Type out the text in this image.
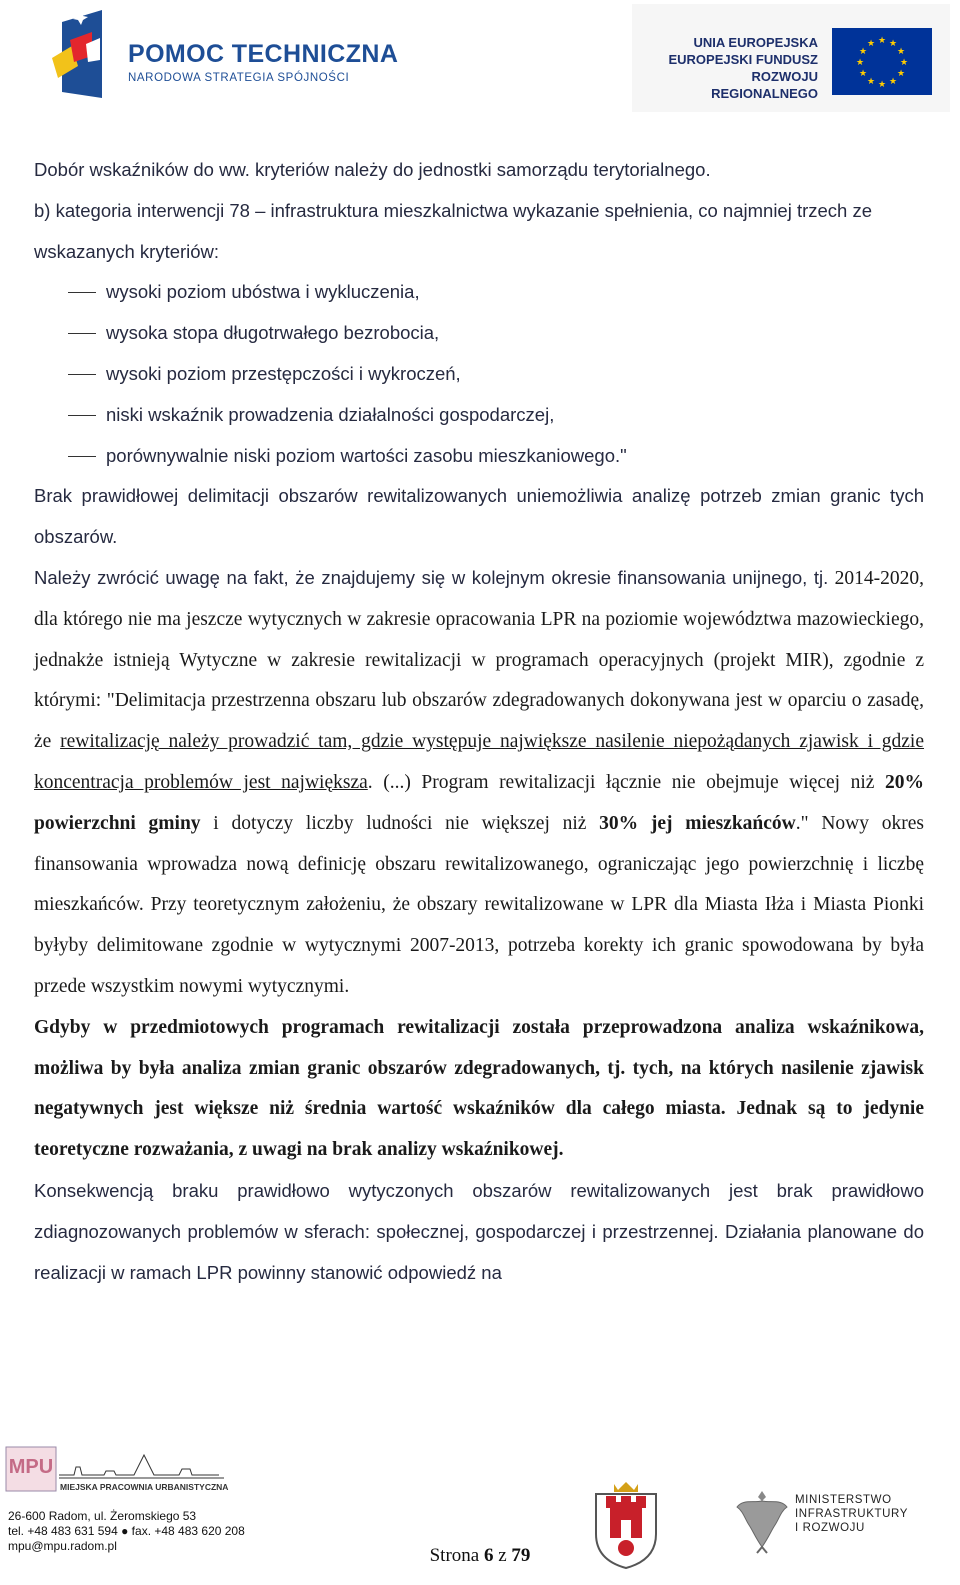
POMOC TECHNICZNA
NARODOWA STRATEGIA SPÓJNOŚCI
UNIA EUROPEJSKA
EUROPEJSKI FUNDUSZ
ROZWOJU REGIONALNEGO
★ ★
★
★
★
★
★
★
★
★
★
★

Dobór wskaźników do ww. kryteriów należy do jednostki samorządu terytorialnego.

b) kategoria interwencji 78 – infrastruktura mieszkalnictwa wykazanie spełnienia, co najmniej trzech ze wskazanych kryteriów:

wysoki poziom ubóstwa i wykluczenia,
wysoka stopa długotrwałego bezrobocia,
wysoki poziom przestępczości i wykroczeń,
niski wskaźnik prowadzenia działalności gospodarczej,
porównywalnie niski poziom wartości zasobu mieszkaniowego."

Brak prawidłowej delimitacji obszarów rewitalizowanych uniemożliwia analizę potrzeb zmian granic tych obszarów.

Należy zwrócić uwagę na fakt, że znajdujemy się w kolejnym okresie finansowania unijnego, tj. 2014-2020, dla którego nie ma jeszcze wytycznych w zakresie opracowania LPR na poziomie województwa mazowieckiego, jednakże istnieją Wytyczne w zakresie rewitalizacji w programach operacyjnych (projekt MIR), zgodnie z którymi: "Delimitacja przestrzenna obszaru lub obszarów zdegradowanych dokonywana jest w oparciu o zasadę, że rewitalizację należy prowadzić tam, gdzie występuje największe nasilenie niepożądanych zjawisk i gdzie koncentracja problemów jest największa. (...) Program rewitalizacji łącznie nie obejmuje więcej niż 20% powierzchni gminy i dotyczy liczby ludności nie większej niż 30% jej mieszkańców." Nowy okres finansowania wprowadza nową definicję obszaru rewitalizowanego, ograniczając jego powierzchnię i liczbę mieszkańców. Przy teoretycznym założeniu, że obszary rewitalizowane w LPR dla Miasta Iłża i Miasta Pionki byłyby delimitowane zgodnie w wytycznymi 2007-2013, potrzeba korekty ich granic spowodowana by była przede wszystkim nowymi wytycznymi.

Gdyby w przedmiotowych programach rewitalizacji została przeprowadzona analiza wskaźnikowa, możliwa by była analiza zmian granic obszarów zdegradowanych, tj. tych, na których nasilenie zjawisk negatywnych jest większe niż średnia wartość wskaźników dla całego miasta. Jednak są to jedynie teoretyczne rozważania, z uwagi na brak analizy wskaźnikowej.

Konsekwencją braku prawidłowo wytyczonych obszarów rewitalizowanych jest brak prawidłowo zdiagnozowanych problemów w sferach: społecznej, gospodarczej i przestrzennej. Działania planowane do realizacji w ramach LPR powinny stanowić odpowiedź na

MPU
MIEJSKA PRACOWNIA URBANISTYCZNA
26-600 Radom, ul. Żeromskiego 53
tel. +48 483 631 594 ● fax. +48 483 620 208
mpu@mpu.radom.pl
MINISTERSTWO
INFRASTRUKTURY
I ROZWOJU
Strona 6 z 79
